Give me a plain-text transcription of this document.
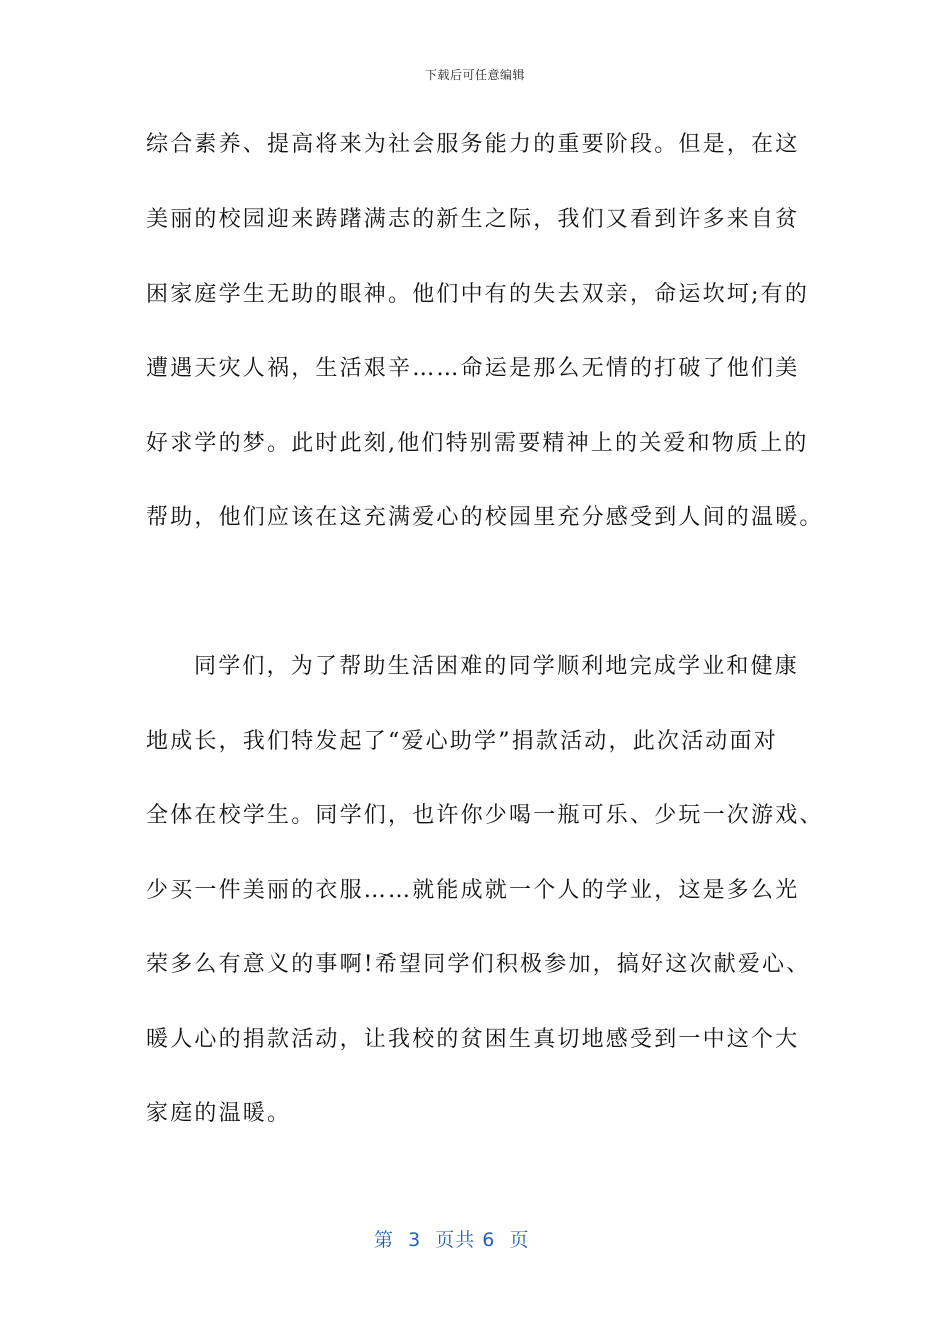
下载后可任意编辑
综合素养、提高将来为社会服务能力的重要阶段。但是，在这
美丽的校园迎来踌躇满志的新生之际，我们又看到许多来自贫
困家庭学生无助的眼神。他们中有的失去双亲，命运坎坷;有的
遭遇天灾人祸，生活艰辛……命运是那么无情的打破了他们美
好求学的梦。此时此刻,他们特别需要精神上的关爱和物质上的
帮助，他们应该在这充满爱心的校园里充分感受到人间的温暖。
同学们，为了帮助生活困难的同学顺利地完成学业和健康
地成长，我们特发起了“爱心助学”捐款活动，此次活动面对
全体在校学生。同学们，也许你少喝一瓶可乐、少玩一次游戏、
少买一件美丽的衣服……就能成就一个人的学业，这是多么光
荣多么有意义的事啊!希望同学们积极参加，搞好这次献爱心、
暖人心的捐款活动，让我校的贫困生真切地感受到一中这个大
家庭的温暖。
第  3  页共 6  页
